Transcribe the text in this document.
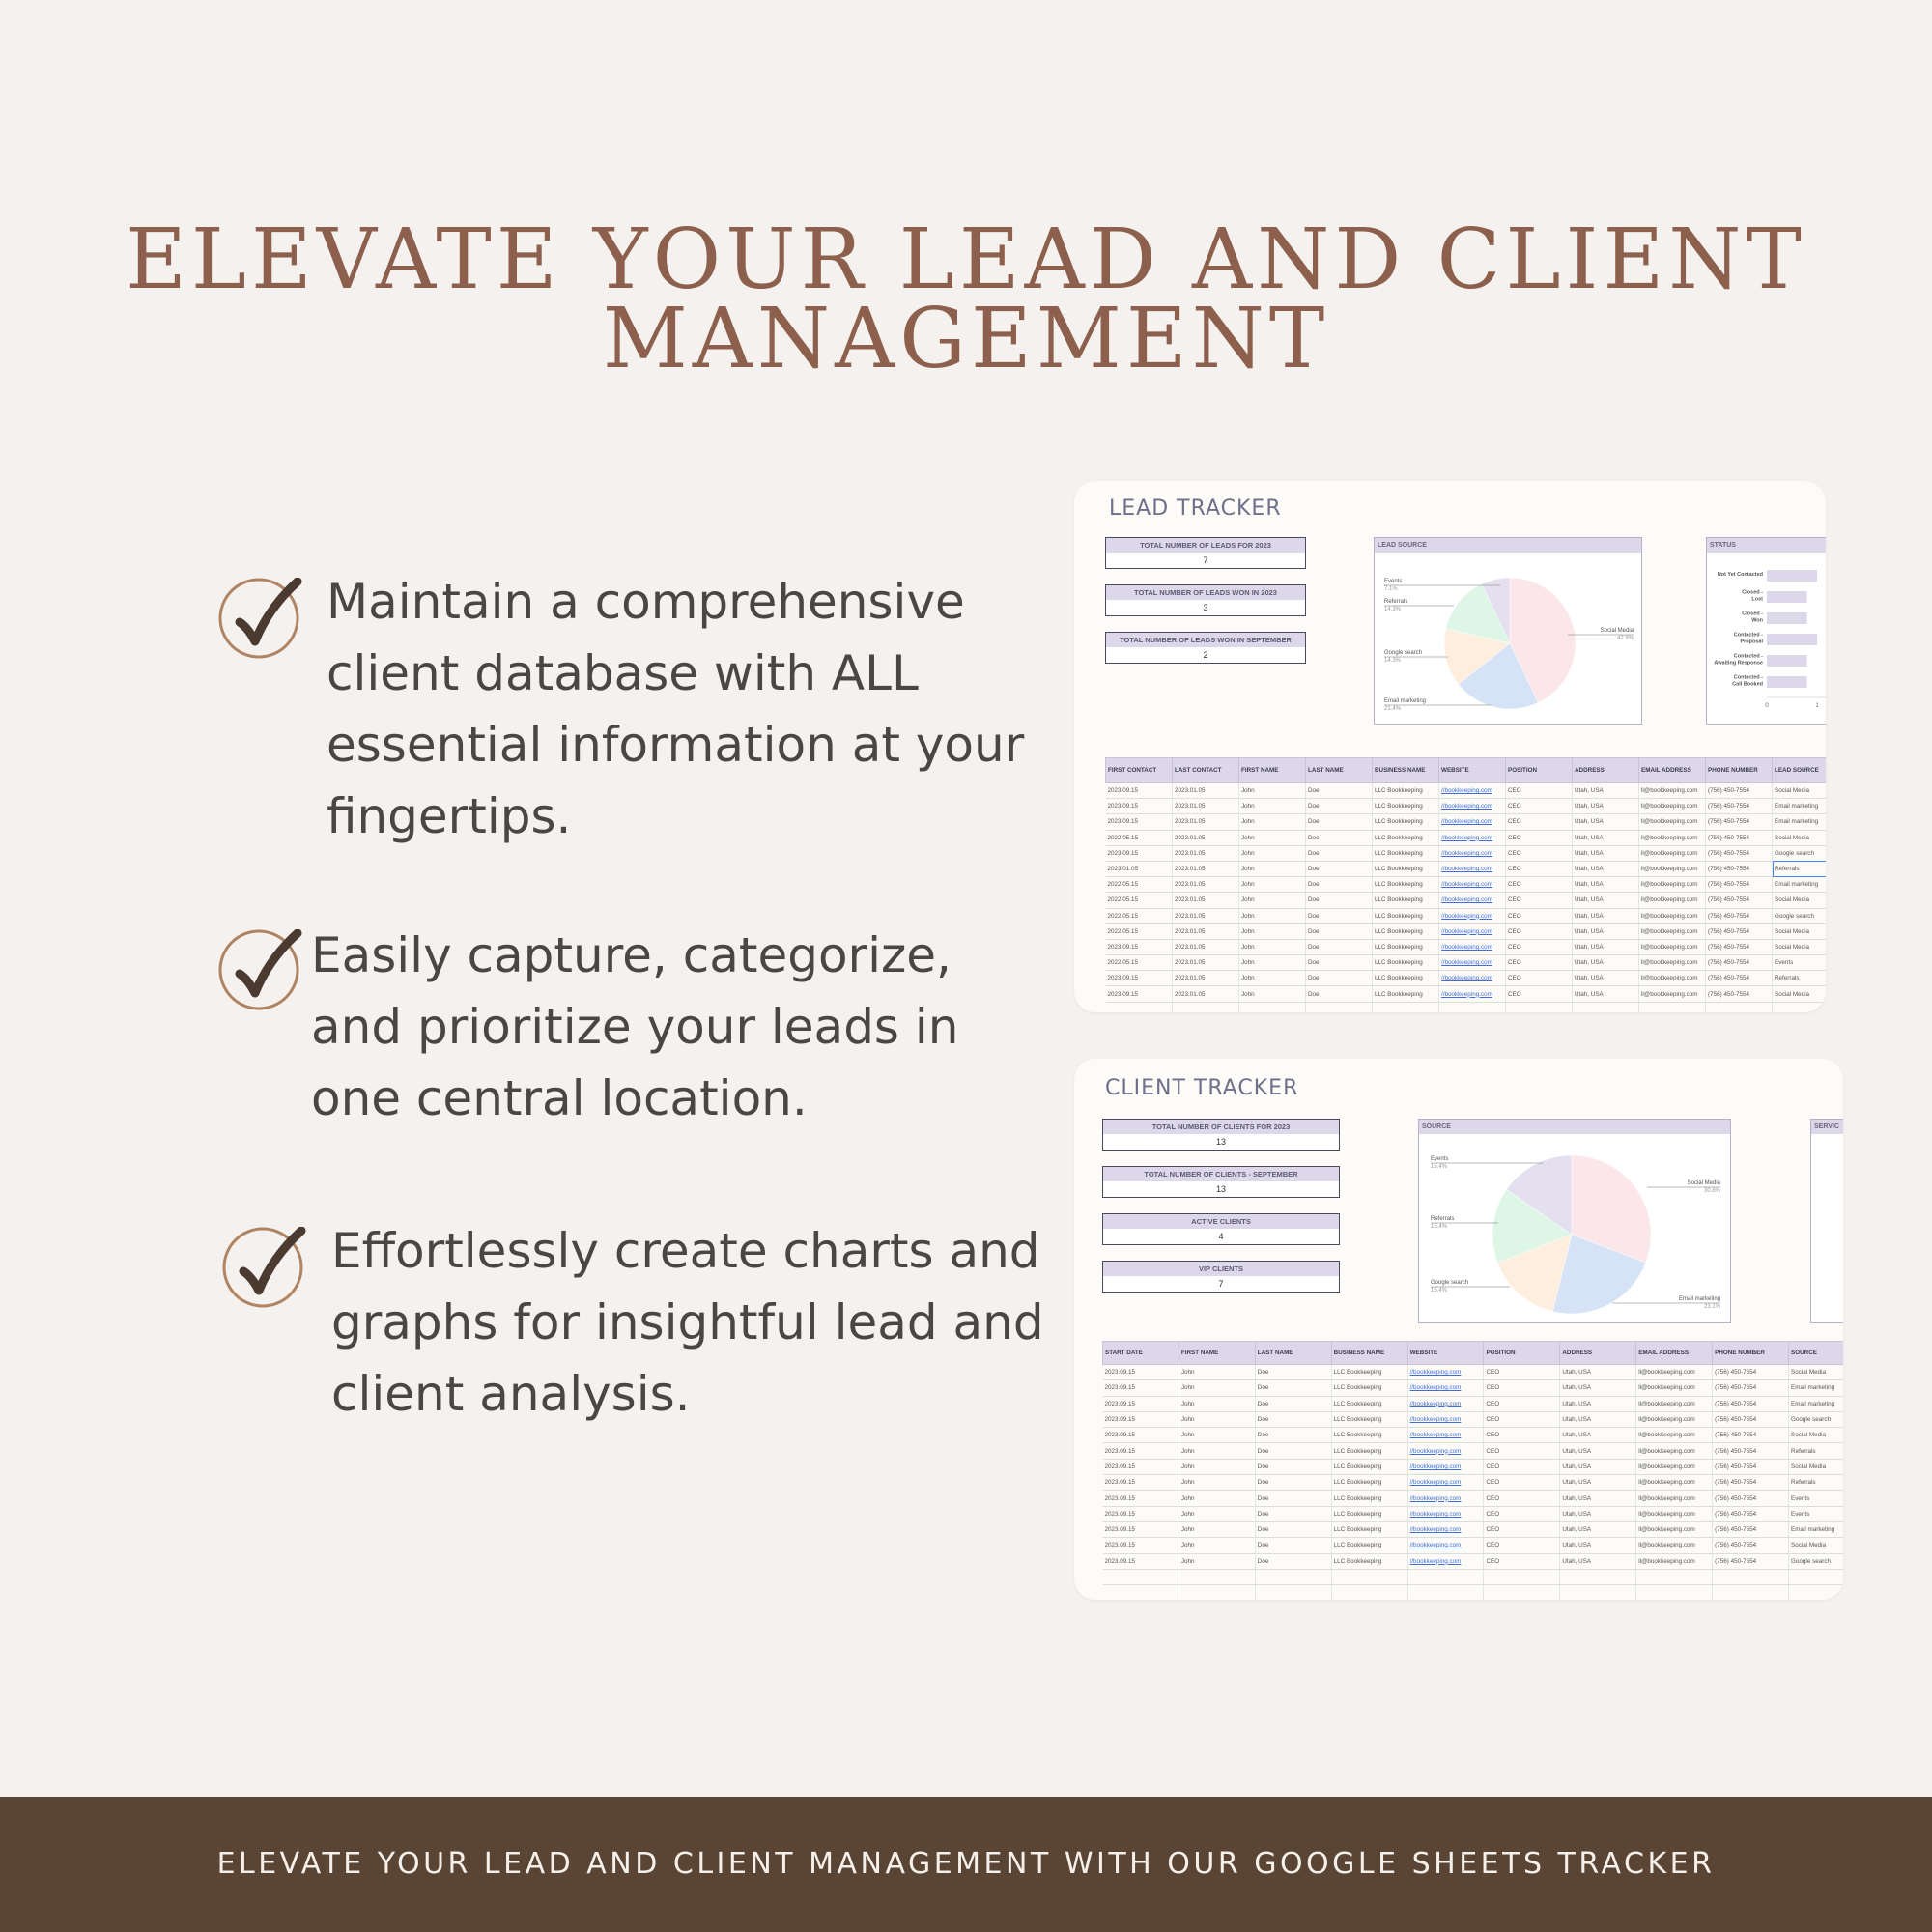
ELEVATE YOUR LEAD AND CLIENT
MANAGEMENT
Maintain a comprehensive
client database with ALL
essential information at your
fingertips.
Easily capture, categorize,
and prioritize your leads in
one central location.
Effortlessly create charts and
graphs for insightful lead and
client analysis.
LEAD TRACKER
TOTAL NUMBER OF LEADS FOR 2023
7
TOTAL NUMBER OF LEADS WON IN 2023
3
TOTAL NUMBER OF LEADS WON IN SEPTEMBER
2
LEAD SOURCE
Events
7.1%
Referrals
14.3%
Google search
14.3%
Email marketing
21.4%
Social Media
42.9%
STATUS
Not Yet Contacted
Closed -
Lost
Closed -
Won
Contacted -
Proposal
Contacted -
Awaiting Response
Contacted -
Call Booked
0	1
FIRST CONTACT	LAST CONTACT	FIRST NAME	LAST NAME	BUSINESS NAME	WEBSITE	POSITION	ADDRESS	EMAIL ADDRESS	PHONE NUMBER	LEAD SOURCE
2023.09.15	2023.01.05	John	Doe	LLC Bookkeeping	//bookkeeping.com	CEO	Utah, USA	ll@bookkeeping.com	(756) 450-7554	Social Media
2023.09.15	2023.01.05	John	Doe	LLC Bookkeeping	//bookkeeping.com	CEO	Utah, USA	ll@bookkeeping.com	(756) 450-7554	Email marketing
2023.09.15	2023.01.05	John	Doe	LLC Bookkeeping	//bookkeeping.com	CEO	Utah, USA	ll@bookkeeping.com	(756) 450-7554	Email marketing
2022.05.15	2023.01.05	John	Doe	LLC Bookkeeping	//bookkeeping.com	CEO	Utah, USA	ll@bookkeeping.com	(756) 450-7554	Social Media
2023.09.15	2023.01.05	John	Doe	LLC Bookkeeping	//bookkeeping.com	CEO	Utah, USA	ll@bookkeeping.com	(756) 450-7554	Google search
2023.01.05	2023.01.05	John	Doe	LLC Bookkeeping	//bookkeeping.com	CEO	Utah, USA	ll@bookkeeping.com	(756) 450-7554	Referrals
2022.05.15	2023.01.05	John	Doe	LLC Bookkeeping	//bookkeeping.com	CEO	Utah, USA	ll@bookkeeping.com	(756) 450-7554	Email marketing
2022.05.15	2023.01.05	John	Doe	LLC Bookkeeping	//bookkeeping.com	CEO	Utah, USA	ll@bookkeeping.com	(756) 450-7554	Social Media
2022.05.15	2023.01.05	John	Doe	LLC Bookkeeping	//bookkeeping.com	CEO	Utah, USA	ll@bookkeeping.com	(756) 450-7554	Google search
2022.05.15	2023.01.05	John	Doe	LLC Bookkeeping	//bookkeeping.com	CEO	Utah, USA	ll@bookkeeping.com	(756) 450-7554	Social Media
2023.09.15	2023.01.05	John	Doe	LLC Bookkeeping	//bookkeeping.com	CEO	Utah, USA	ll@bookkeeping.com	(756) 450-7554	Social Media
2022.05.15	2023.01.05	John	Doe	LLC Bookkeeping	//bookkeeping.com	CEO	Utah, USA	ll@bookkeeping.com	(756) 450-7554	Events
2023.09.15	2023.01.05	John	Doe	LLC Bookkeeping	//bookkeeping.com	CEO	Utah, USA	ll@bookkeeping.com	(756) 450-7554	Referrals
2023.09.15	2023.01.05	John	Doe	LLC Bookkeeping	//bookkeeping.com	CEO	Utah, USA	ll@bookkeeping.com	(756) 450-7554	Social Media

CLIENT TRACKER
TOTAL NUMBER OF CLIENTS FOR 2023
13
TOTAL NUMBER OF CLIENTS - SEPTEMBER
13
ACTIVE CLIENTS
4
VIP CLIENTS
7
SOURCE
Events
15.4%
Referrals
15.4%
Google search
15.4%
Email marketing
23.1%
Social Media
30.8%
SERVIC
START DATE	FIRST NAME	LAST NAME	BUSINESS NAME	WEBSITE	POSITION	ADDRESS	EMAIL ADDRESS	PHONE NUMBER	SOURCE
2023.09.15	John	Doe	LLC Bookkeeping	//bookkeeping.com	CEO	Utah, USA	ll@bookkeeping.com	(756) 450-7554	Social Media
2023.09.15	John	Doe	LLC Bookkeeping	//bookkeeping.com	CEO	Utah, USA	ll@bookkeeping.com	(756) 450-7554	Email marketing
2023.09.15	John	Doe	LLC Bookkeeping	//bookkeeping.com	CEO	Utah, USA	ll@bookkeeping.com	(756) 450-7554	Email marketing
2023.09.15	John	Doe	LLC Bookkeeping	//bookkeeping.com	CEO	Utah, USA	ll@bookkeeping.com	(756) 450-7554	Google search
2023.09.15	John	Doe	LLC Bookkeeping	//bookkeeping.com	CEO	Utah, USA	ll@bookkeeping.com	(756) 450-7554	Social Media
2023.09.15	John	Doe	LLC Bookkeeping	//bookkeeping.com	CEO	Utah, USA	ll@bookkeeping.com	(756) 450-7554	Referrals
2023.09.15	John	Doe	LLC Bookkeeping	//bookkeeping.com	CEO	Utah, USA	ll@bookkeeping.com	(756) 450-7554	Social Media
2023.09.15	John	Doe	LLC Bookkeeping	//bookkeeping.com	CEO	Utah, USA	ll@bookkeeping.com	(756) 450-7554	Referrals
2023.09.15	John	Doe	LLC Bookkeeping	//bookkeeping.com	CEO	Utah, USA	ll@bookkeeping.com	(756) 450-7554	Events
2023.09.15	John	Doe	LLC Bookkeeping	//bookkeeping.com	CEO	Utah, USA	ll@bookkeeping.com	(756) 450-7554	Events
2023.09.15	John	Doe	LLC Bookkeeping	//bookkeeping.com	CEO	Utah, USA	ll@bookkeeping.com	(756) 450-7554	Email marketing
2023.09.15	John	Doe	LLC Bookkeeping	//bookkeeping.com	CEO	Utah, USA	ll@bookkeeping.com	(756) 450-7554	Social Media
2023.09.15	John	Doe	LLC Bookkeeping	//bookkeeping.com	CEO	Utah, USA	ll@bookkeeping.com	(756) 450-7554	Google search

ELEVATE YOUR LEAD AND CLIENT MANAGEMENT WITH OUR GOOGLE SHEETS TRACKER
